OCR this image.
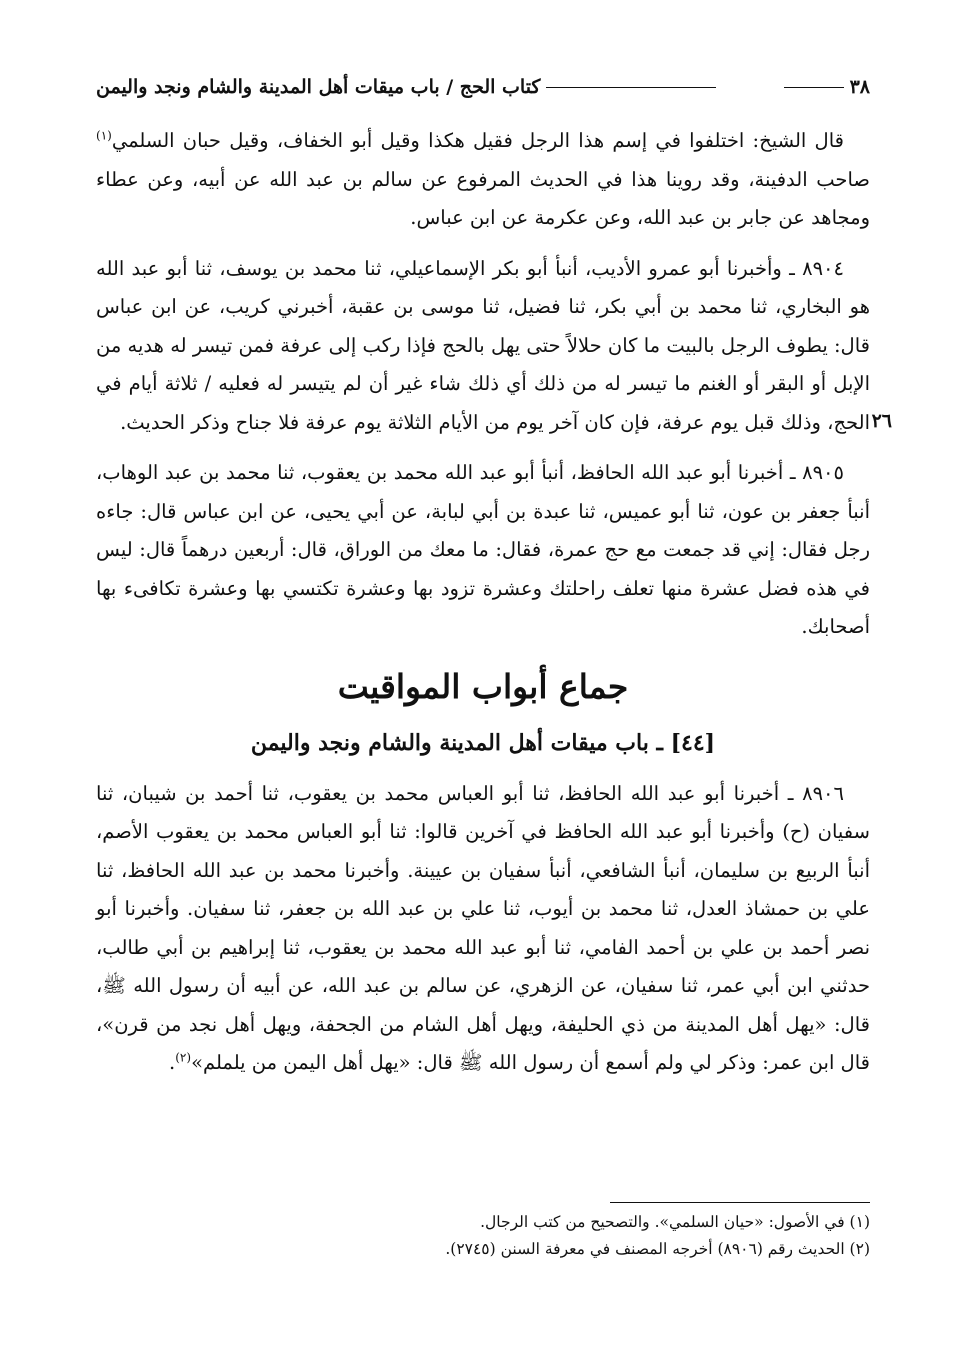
٣٨
كتاب الحج / باب ميقات أهل المدينة والشام ونجد واليمن

قال الشيخ: اختلفوا في إسم هذا الرجل فقيل هكذا وقيل أبو الخفاف، وقيل حبان السلمي$^{(١)}$ صاحب الدفينة، وقد روينا هذا في الحديث المرفوع عن سالم بن عبد الله عن أبيه، وعن عطاء ومجاهد عن جابر بن عبد الله، وعن عكرمة عن ابن عباس.

٨٩٠٤ ـ وأخبرنا أبو عمرو الأديب، أنبأ أبو بكر الإسماعيلي، ثنا محمد بن يوسف، ثنا أبو عبد الله هو البخاري، ثنا محمد بن أبي بكر، ثنا فضيل، ثنا موسى بن عقبة، أخبرني كريب، عن ابن عباس قال: يطوف الرجل بالبيت ما كان حلالاً حتى يهل بالحج فإذا ركب إلى عرفة فمن تيسر له هديه من الإبل أو البقر أو الغنم ما تيسر له من ذلك أي ذلك شاء غير أن لم يتيسر له فعليه / ثلاثة أيام في الحج، وذلك قبل يوم عرفة، فإن كان آخر يوم من الأيام الثلاثة يوم عرفة فلا جناح وذكر الحديث. ٢٦

٨٩٠٥ ـ أخبرنا أبو عبد الله الحافظ، أنبأ أبو عبد الله محمد بن يعقوب، ثنا محمد بن عبد الوهاب، أنبأ جعفر بن عون، ثنا أبو عميس، ثنا عبدة بن أبي لبابة، عن أبي يحيى، عن ابن عباس قال: جاءه رجل فقال: إني قد جمعت مع حج عمرة، فقال: ما معك من الوراق، قال: أربعين درهماً قال: ليس في هذه فضل عشرة منها تعلف راحلتك وعشرة تزود بها وعشرة تكتسي بها وعشرة تكافىء بها أصحابك.

جماع أبواب المواقيت
[٤٤] ـ باب ميقات أهل المدينة والشام ونجد واليمن

٨٩٠٦ ـ أخبرنا أبو عبد الله الحافظ، ثنا أبو العباس محمد بن يعقوب، ثنا أحمد بن شيبان، ثنا سفيان (ح) وأخبرنا أبو عبد الله الحافظ في آخرين قالوا: ثنا أبو العباس محمد بن يعقوب الأصم، أنبأ الربيع بن سليمان، أنبأ الشافعي، أنبأ سفيان بن عيينة. وأخبرنا محمد بن عبد الله الحافظ، ثنا علي بن حمشاذ العدل، ثنا محمد بن أيوب، ثنا علي بن عبد الله بن جعفر، ثنا سفيان. وأخبرنا أبو نصر أحمد بن علي بن أحمد الفامي، ثنا أبو عبد الله محمد بن يعقوب، ثنا إبراهيم بن أبي طالب، حدثني ابن أبي عمر، ثنا سفيان، عن الزهري، عن سالم بن عبد الله، عن أبيه أن رسول الله ﷺ، قال: «يهل أهل المدينة من ذي الحليفة، ويهل أهل الشام من الجحفة، ويهل أهل نجد من قرن»، قال ابن عمر: وذكر لي ولم أسمع أن رسول الله ﷺ قال: «يهل أهل اليمن من يلملم»$^{(٢)}$.

(١) في الأصول: «حيان السلمي». والتصحيح من كتب الرجال.
(٢) الحديث رقم (٨٩٠٦) أخرجه المصنف في معرفة السنن (٢٧٤٥).
